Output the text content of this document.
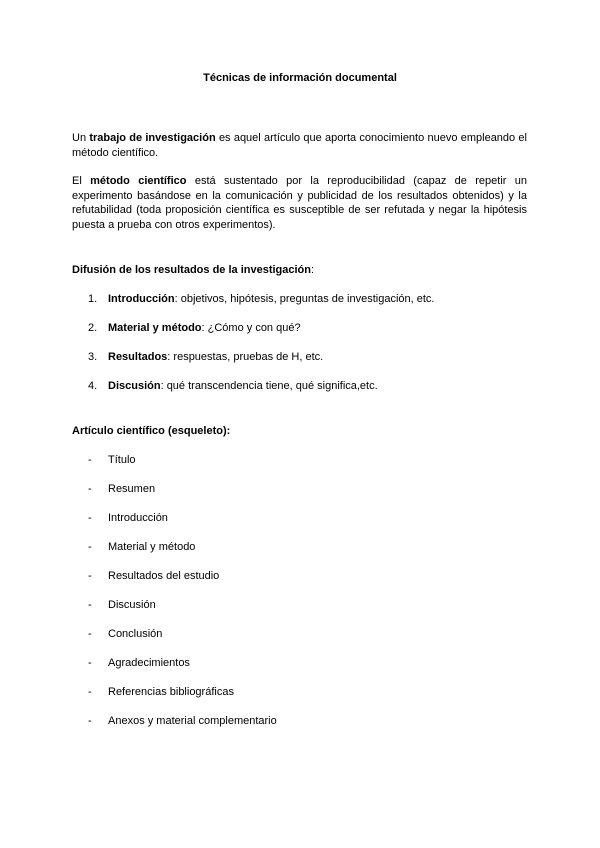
Técnicas de información documental
Un trabajo de investigación es aquel artículo que aporta conocimiento nuevo empleando el método científico.
El método científico está sustentado por la reproducibilidad (capaz de repetir un experimento basándose en la comunicación y publicidad de los resultados obtenidos) y la refutabilidad (toda proposición científica es susceptible de ser refutada y negar la hipótesis puesta a prueba con otros experimentos).
Difusión de los resultados de la investigación:
1. Introducción: objetivos, hipótesis, preguntas de investigación, etc.
2. Material y método: ¿Cómo y con qué?
3. Resultados: respuestas, pruebas de H, etc.
4. Discusión: qué transcendencia tiene, qué significa,etc.
Artículo científico (esqueleto):
- Título
- Resumen
- Introducción
- Material y método
- Resultados del estudio
- Discusión
- Conclusión
- Agradecimientos
- Referencias bibliográficas
- Anexos y material complementario
